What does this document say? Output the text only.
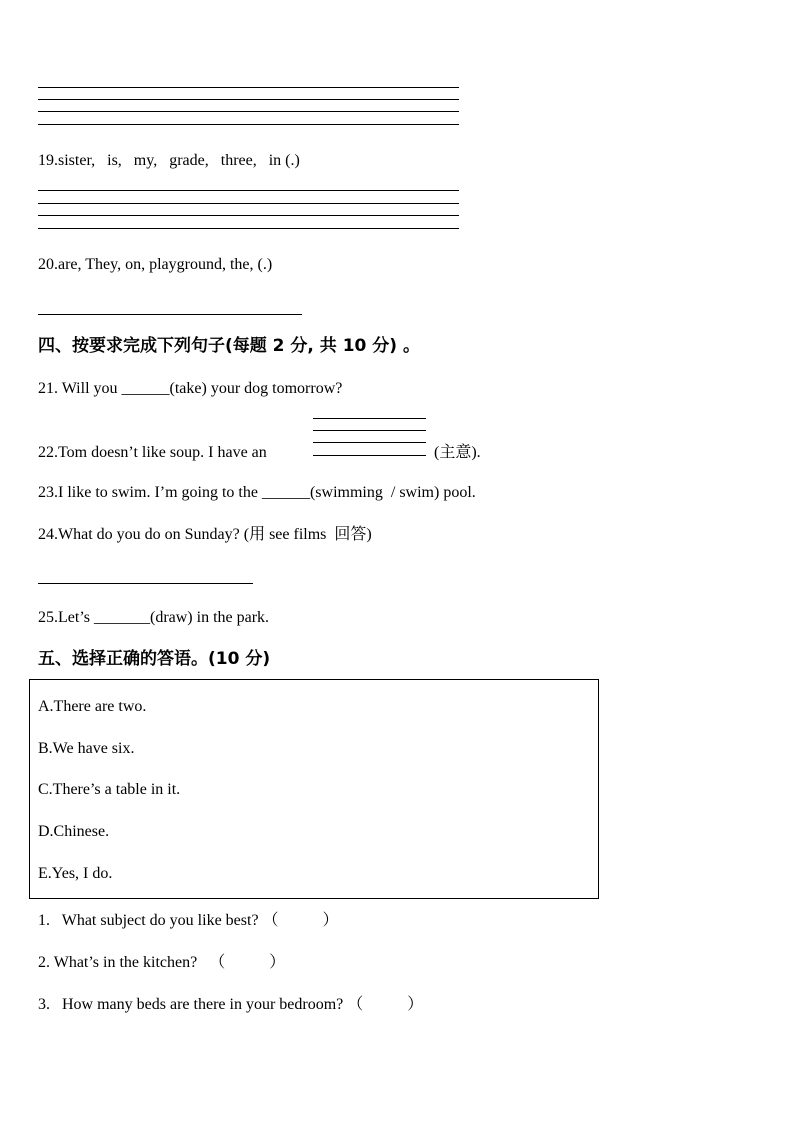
19.sister,   is,   my,   grade,   three,   in (.)
20.are, They, on, playground, the, (.)
四、按要求完成下列句子(每题 2 分, 共 10 分) 。
21. Will you ______(take) your dog tomorrow?
22.Tom doesn’t like soup. I have an	(主意).
23.I like to swim. I’m going to the ______(swimming  / swim) pool.
24.What do you do on Sunday? (用 see films  回答)
25.Let’s _______(draw) in the park.
五、选择正确的答语。(10 分)
A.There are two.
B.We have six.
C.There’s a table in it.
D.Chinese.
E.Yes, I do.
1.   What subject do you like best? （           ）
2. What’s in the kitchen?   （           ）
3.   How many beds are there in your bedroom? （           ）
